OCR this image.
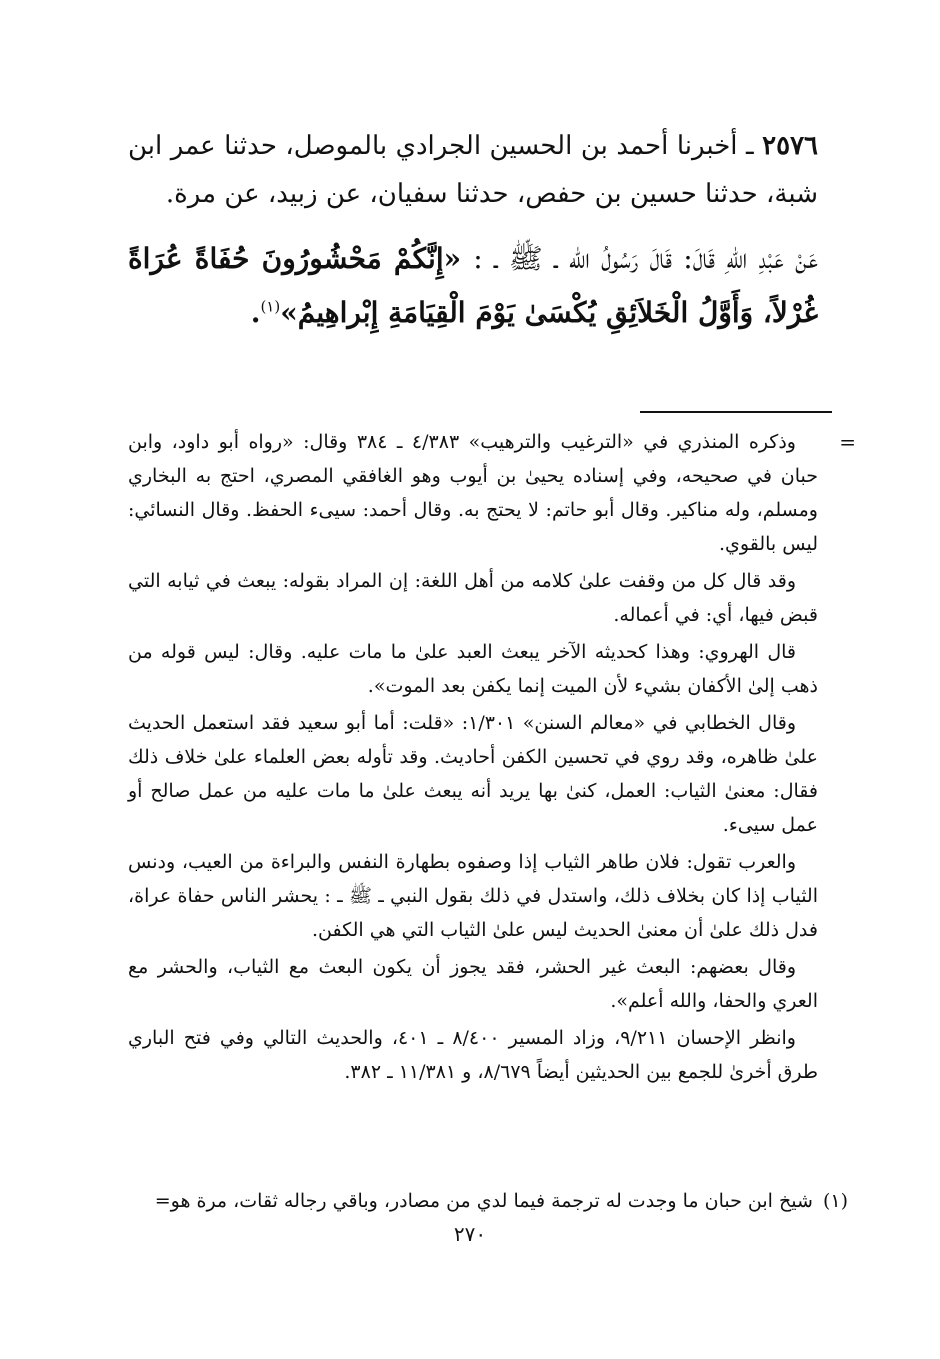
٢٥٧٦ ـ أخبرنا أحمد بن الحسين الجرادي بالموصل، حدثنا عمر ابن شبة، حدثنا حسين بن حفص، حدثنا سفيان، عن زبيد، عن مرة.

عَنْ عَبْدِ اللهِ قَالَ: قَالَ رَسُولُ الله ـ ﷺ ـ : «إِنَّكُمْ مَحْشُورُونَ حُفَاةً عُرَاةً غُرْلاً، وَأَوَّلُ الْخَلاَئِقِ يُكْسَىٰ يَوْمَ الْقِيَامَةِ إِبْراهِيمُ»$^{(١)}$.

=
وذكره المنذري في «الترغيب والترهيب» ٤/٣٨٣ ـ ٣٨٤ وقال: «رواه أبو داود، وابن حبان في صحيحه، وفي إسناده يحيىٰ بن أيوب وهو الغافقي المصري، احتج به البخاري ومسلم، وله مناكير. وقال أبو حاتم: لا يحتج به. وقال أحمد: سيىء الحفظ. وقال النسائي: ليس بالقوي.

وقد قال كل من وقفت علىٰ كلامه من أهل اللغة: إن المراد بقوله: يبعث في ثيابه التي قبض فيها، أي: في أعماله.

قال الهروي: وهذا كحديثه الآخر يبعث العبد علىٰ ما مات عليه. وقال: ليس قوله من ذهب إلىٰ الأكفان بشيء لأن الميت إنما يكفن بعد الموت».

وقال الخطابي في «معالم السنن» ١/٣٠١: «قلت: أما أبو سعيد فقد استعمل الحديث علىٰ ظاهره، وقد روي في تحسين الكفن أحاديث. وقد تأوله بعض العلماء علىٰ خلاف ذلك فقال: معنىٰ الثياب: العمل، كنىٰ بها يريد أنه يبعث علىٰ ما مات عليه من عمل صالح أو عمل سيىء.

والعرب تقول: فلان طاهر الثياب إذا وصفوه بطهارة النفس والبراءة من العيب، ودنس الثياب إذا كان بخلاف ذلك، واستدل في ذلك بقول النبي ـ ﷺ ـ : يحشر الناس حفاة عراة، فدل ذلك علىٰ أن معنىٰ الحديث ليس علىٰ الثياب التي هي الكفن.

وقال بعضهم: البعث غير الحشر، فقد يجوز أن يكون البعث مع الثياب، والحشر مع العري والحفا، والله أعلم».

وانظر الإحسان ٩/٢١١، وزاد المسير ٨/٤٠٠ ـ ٤٠١، والحديث التالي وفي فتح الباري طرق أخرىٰ للجمع بين الحديثين أيضاً ٨/٦٧٩، و ١١/٣٨١ ـ ٣٨٢.

(١) شيخ ابن حبان ما وجدت له ترجمة فيما لدي من مصادر، وباقي رجاله ثقات، مرة هو=

٢٧٠
